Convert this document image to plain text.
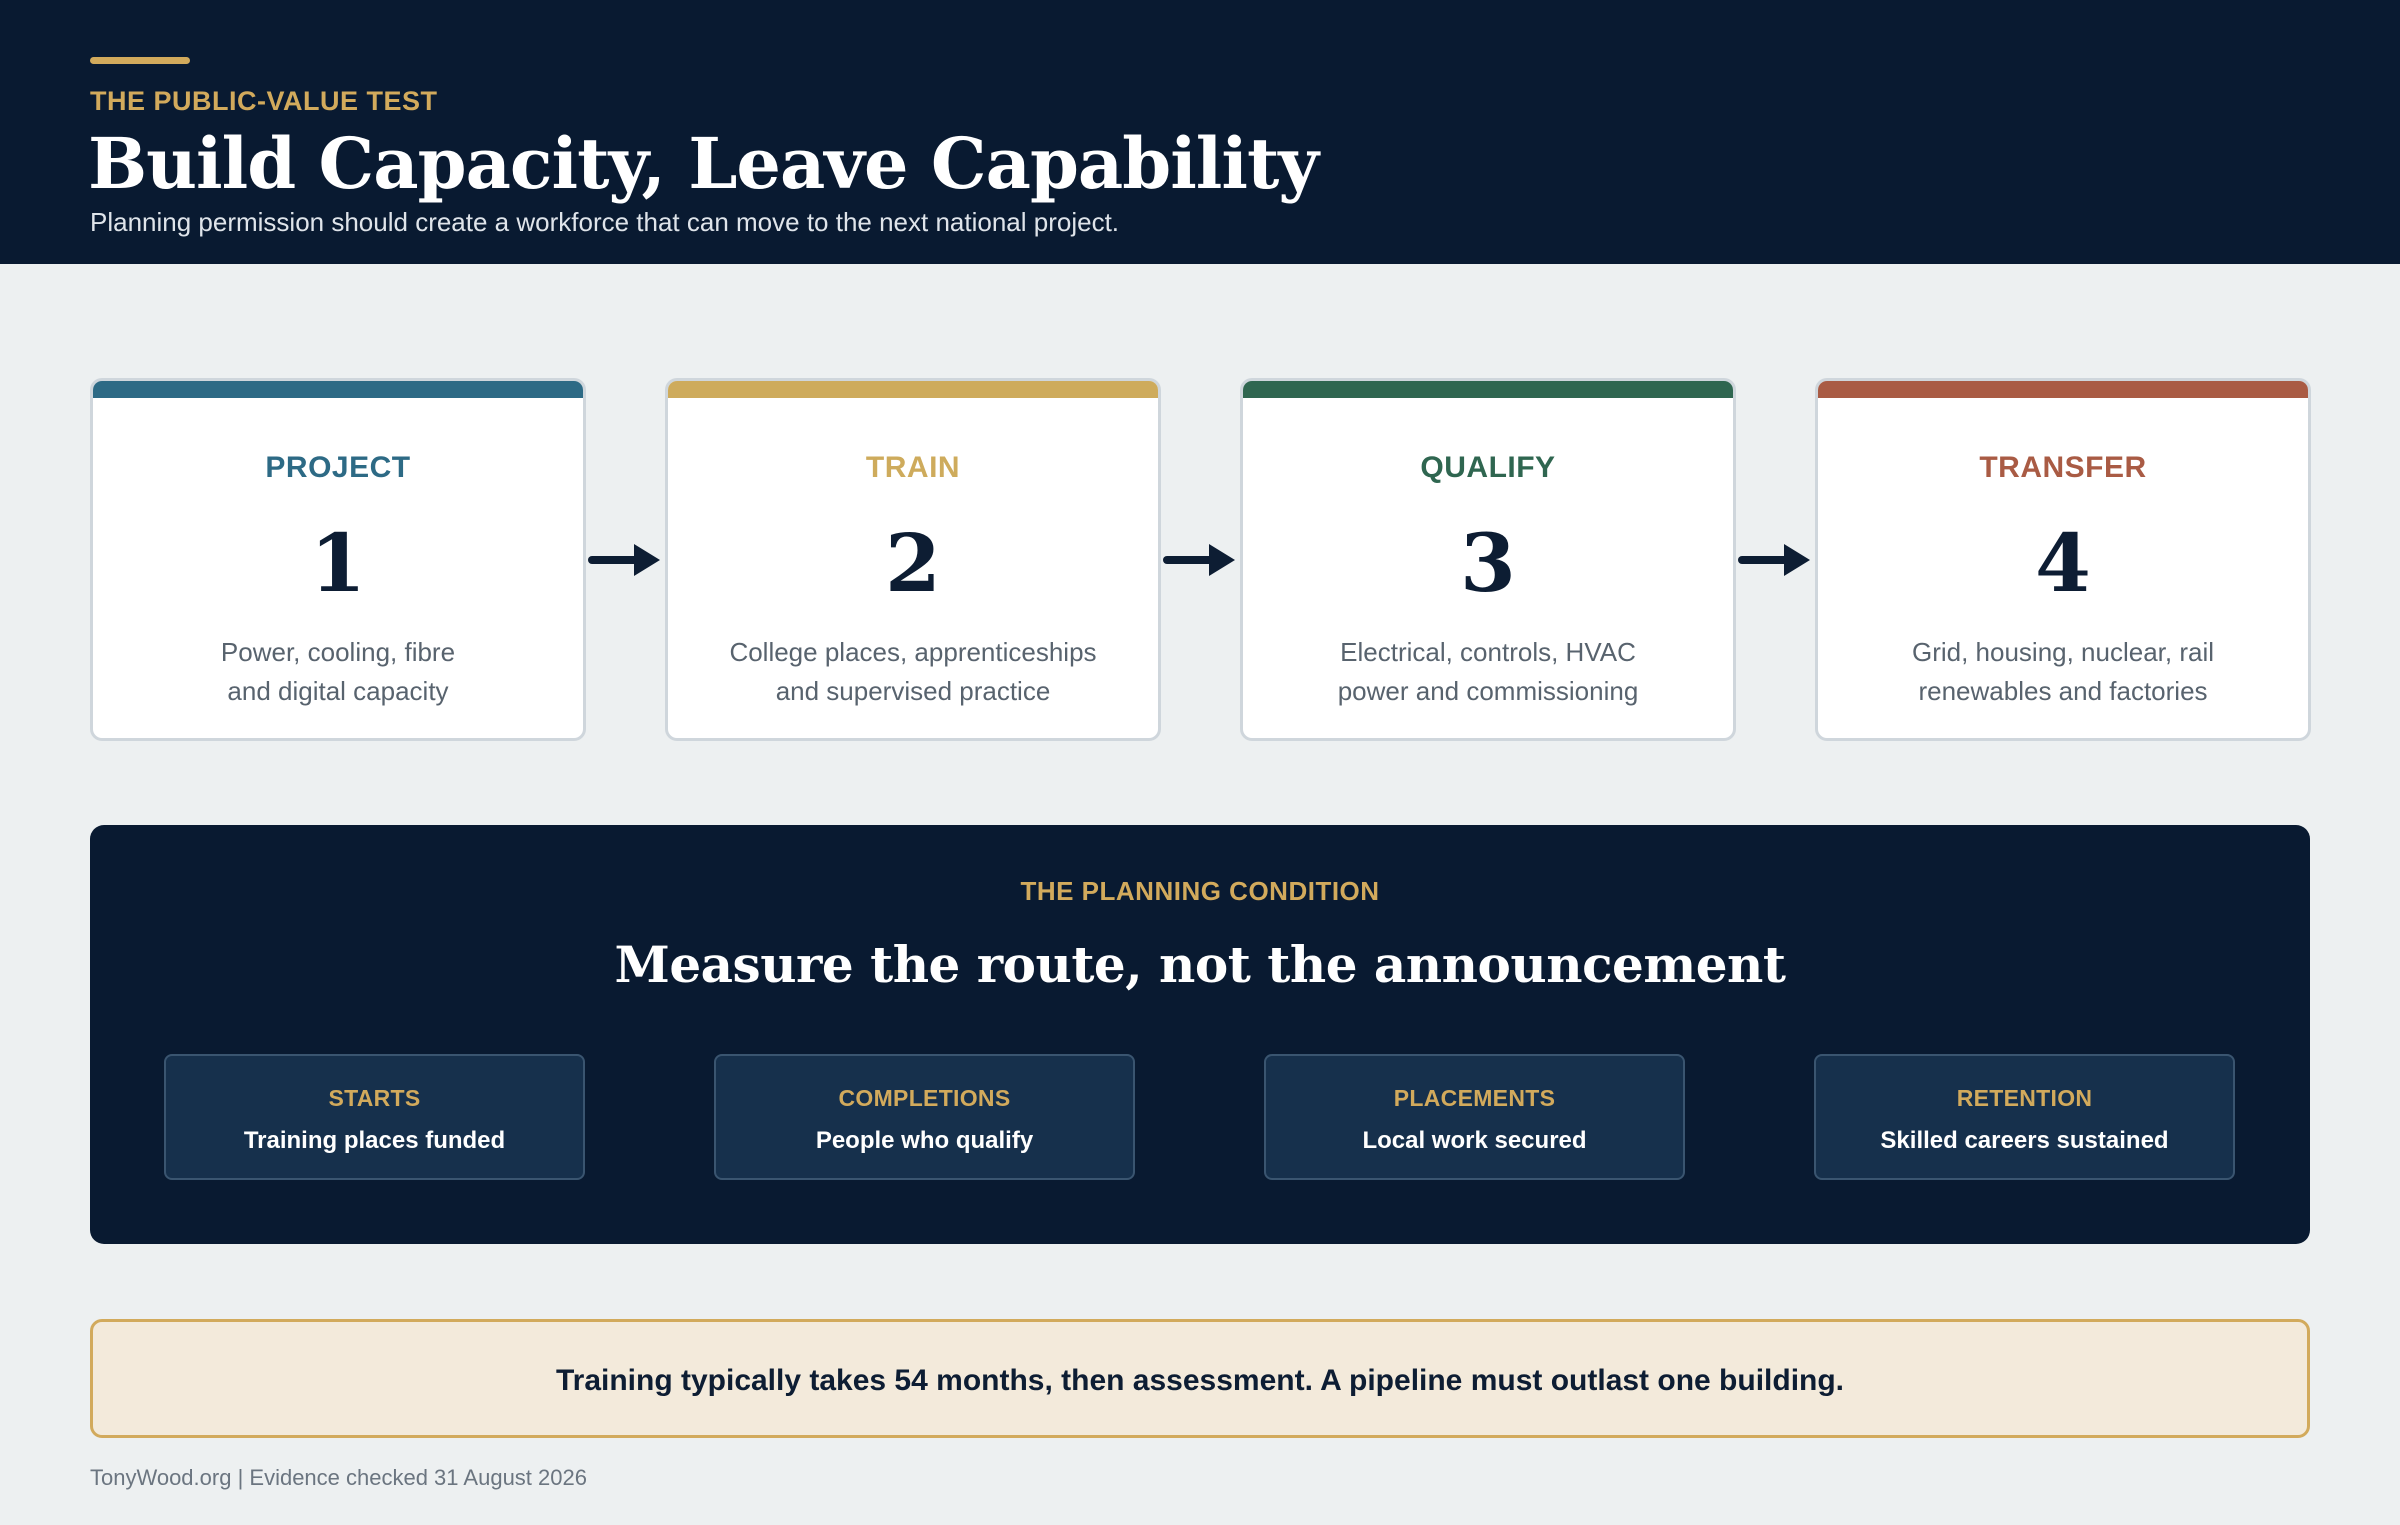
THE PUBLIC-VALUE TEST
Build Capacity, Leave Capability
Planning permission should create a workforce that can move to the next national project.
PROJECT
1
Power, cooling, fibre
and digital capacity
TRAIN
2
College places, apprenticeships
and supervised practice
QUALIFY
3
Electrical, controls, HVAC
power and commissioning
TRANSFER
4
Grid, housing, nuclear, rail
renewables and factories
THE PLANNING CONDITION
Measure the route, not the announcement
STARTS
Training places funded
COMPLETIONS
People who qualify
PLACEMENTS
Local work secured
RETENTION
Skilled careers sustained
Training typically takes 54 months, then assessment. A pipeline must outlast one building.
TonyWood.org | Evidence checked 31 August 2026
